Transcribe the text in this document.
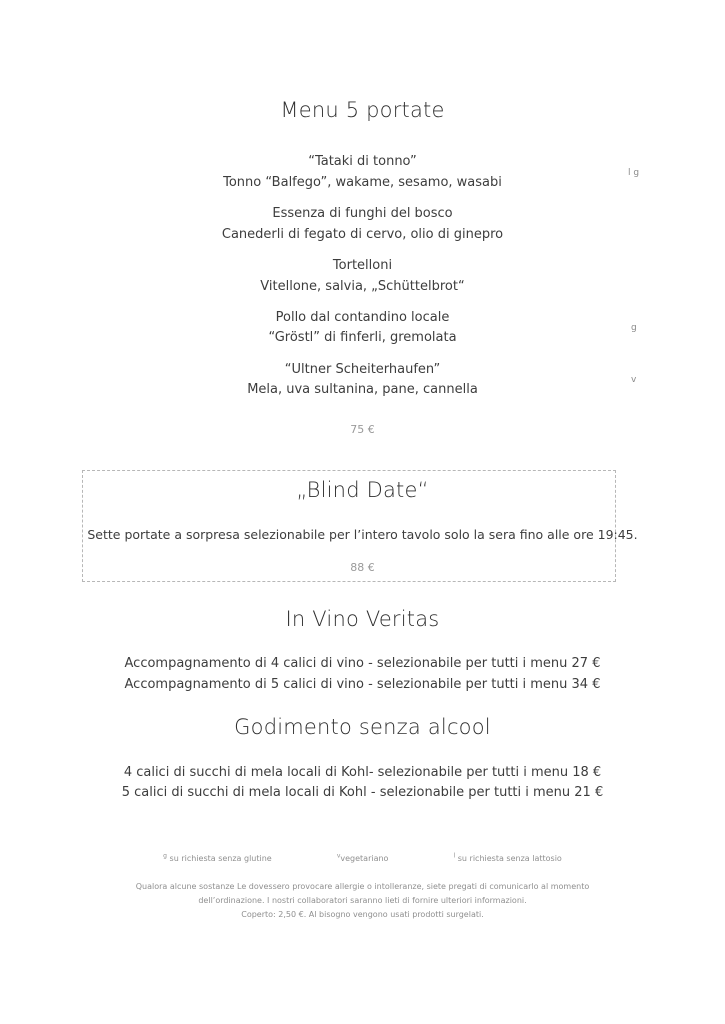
Menu 5 portate
“Tataki di tonno”
Tonno “Balfego”, wakame, sesamo, wasabi
l g
Essenza di funghi del bosco
Canederli di fegato di cervo, olio di ginepro
Tortelloni
Vitellone, salvia, „Schüttelbrot“
Pollo dal contandino locale
“Gröstl” di finferli, gremolata
g
“Ultner Scheiterhaufen”
Mela, uva sultanina, pane, cannella
v
75 €
„Blind Date“
Sette portate a sorpresa selezionabile per l’intero tavolo solo la sera fino alle ore 19:45.
88 €
In Vino Veritas
Accompagnamento di 4 calici di vino - selezionabile per tutti i menu 27 €
Accompagnamento di 5 calici di vino - selezionabile per tutti i menu 34 €
Godimento senza alcool
4 calici di succhi di mela locali di Kohl- selezionabile per tutti i menu 18 €
5 calici di succhi di mela locali di Kohl - selezionabile per tutti i menu 21 €
$^g$ su richiesta senza glutine	$^v$vegetariano	$^l$ su richiesta senza lattosio
Qualora alcune sostanze Le dovessero provocare allergie o intolleranze, siete pregati di comunicarlo al momento
dell’ordinazione. I nostri collaboratori saranno lieti di fornire ulteriori informazioni.
Coperto: 2,50 €. Al bisogno vengono usati prodotti surgelati.
